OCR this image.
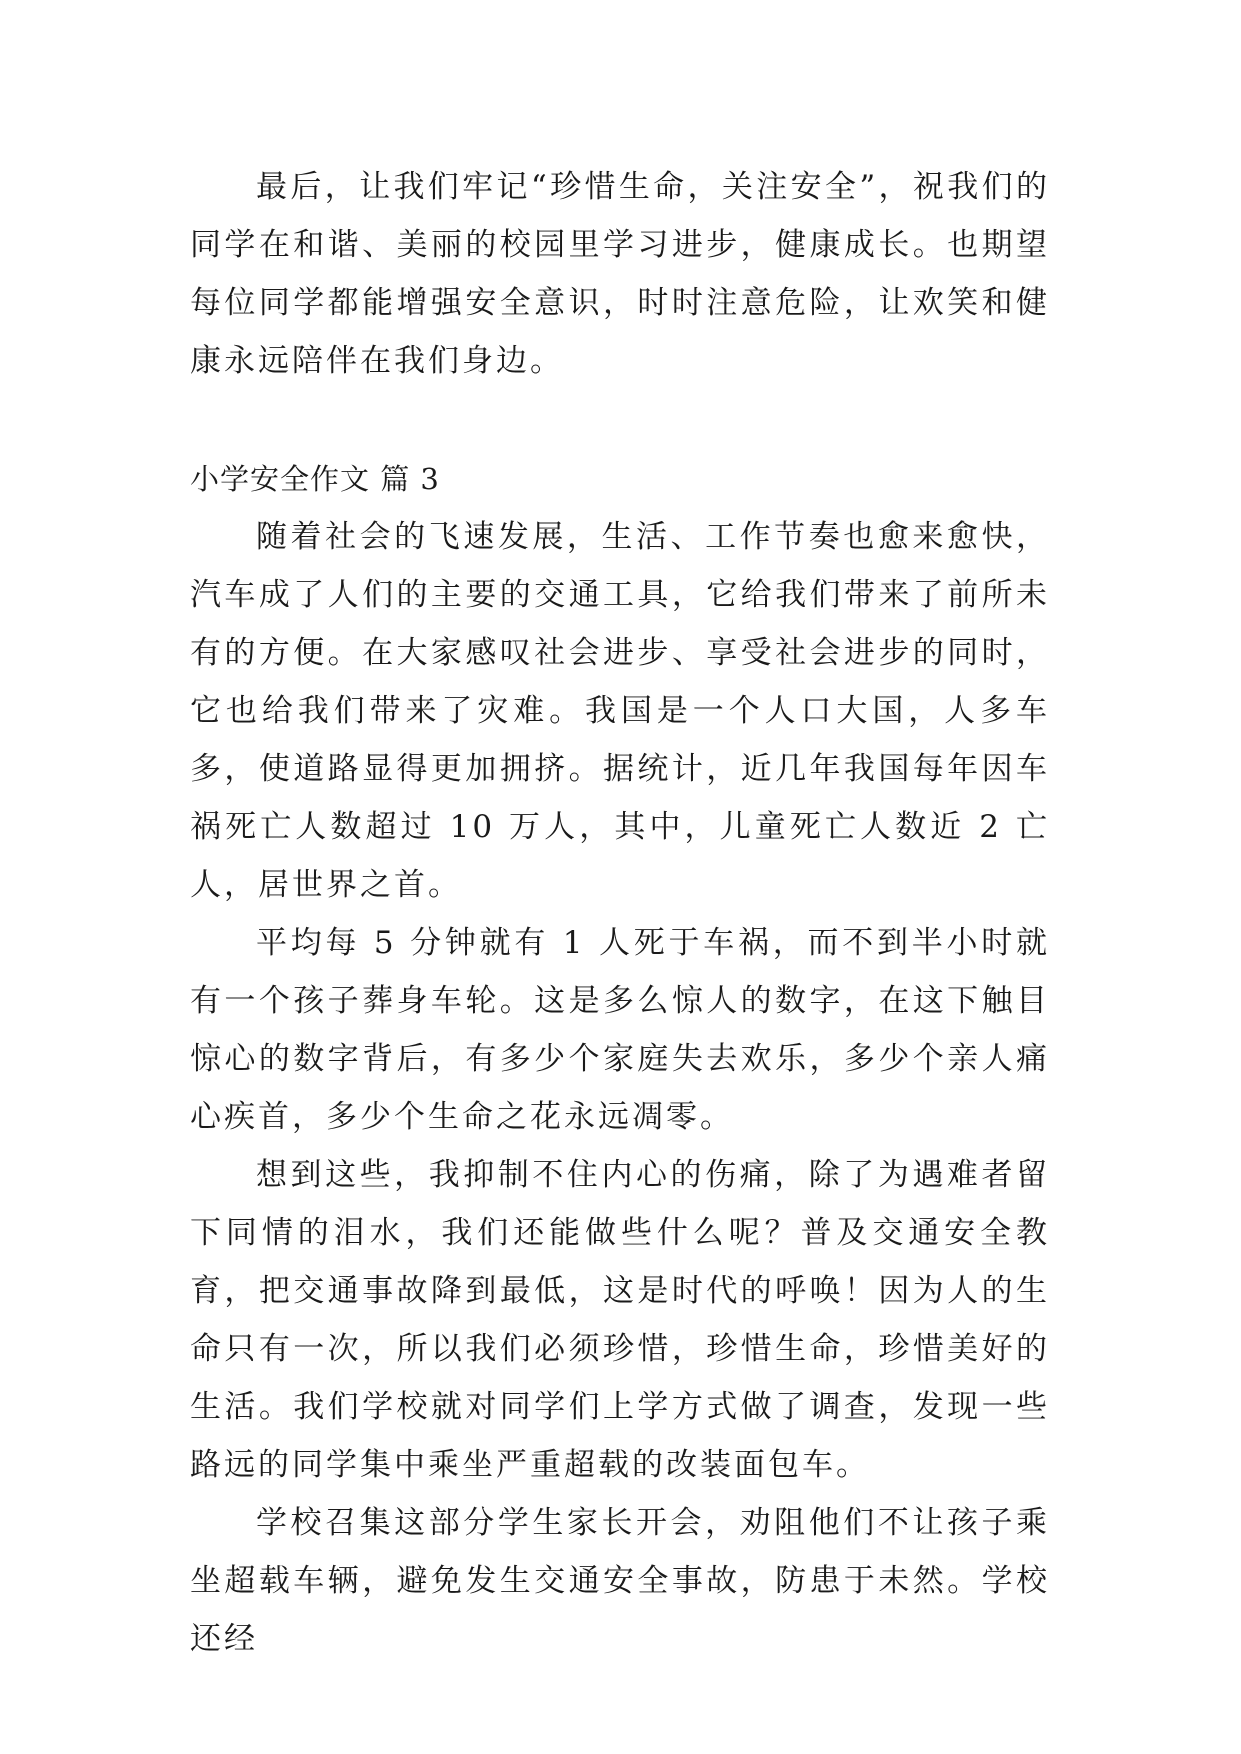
最后，让我们牢记“珍惜生命，关注安全”，祝我们的同学在和谐、美丽的校园里学习进步，健康成长。也期望每位同学都能增强安全意识，时时注意危险，让欢笑和健康永远陪伴在我们身边。

小学安全作文 篇 3

随着社会的飞速发展，生活、工作节奏也愈来愈快，汽车成了人们的主要的交通工具，它给我们带来了前所未有的方便。在大家感叹社会进步、享受社会进步的同时，它也给我们带来了灾难。我国是一个人口大国，人多车多，使道路显得更加拥挤。据统计，近几年我国每年因车祸死亡人数超过 10 万人，其中，儿童死亡人数近 2 亡人，居世界之首。

平均每 5 分钟就有 1 人死于车祸，而不到半小时就有一个孩子葬身车轮。这是多么惊人的数字，在这下触目惊心的数字背后，有多少个家庭失去欢乐，多少个亲人痛心疾首，多少个生命之花永远凋零。

想到这些，我抑制不住内心的伤痛，除了为遇难者留下同情的泪水，我们还能做些什么呢？普及交通安全教育，把交通事故降到最低，这是时代的呼唤！因为人的生命只有一次，所以我们必须珍惜，珍惜生命，珍惜美好的生活。我们学校就对同学们上学方式做了调查，发现一些路远的同学集中乘坐严重超载的改装面包车。

学校召集这部分学生家长开会，劝阻他们不让孩子乘坐超载车辆，避免发生交通安全事故，防患于未然。学校还经
